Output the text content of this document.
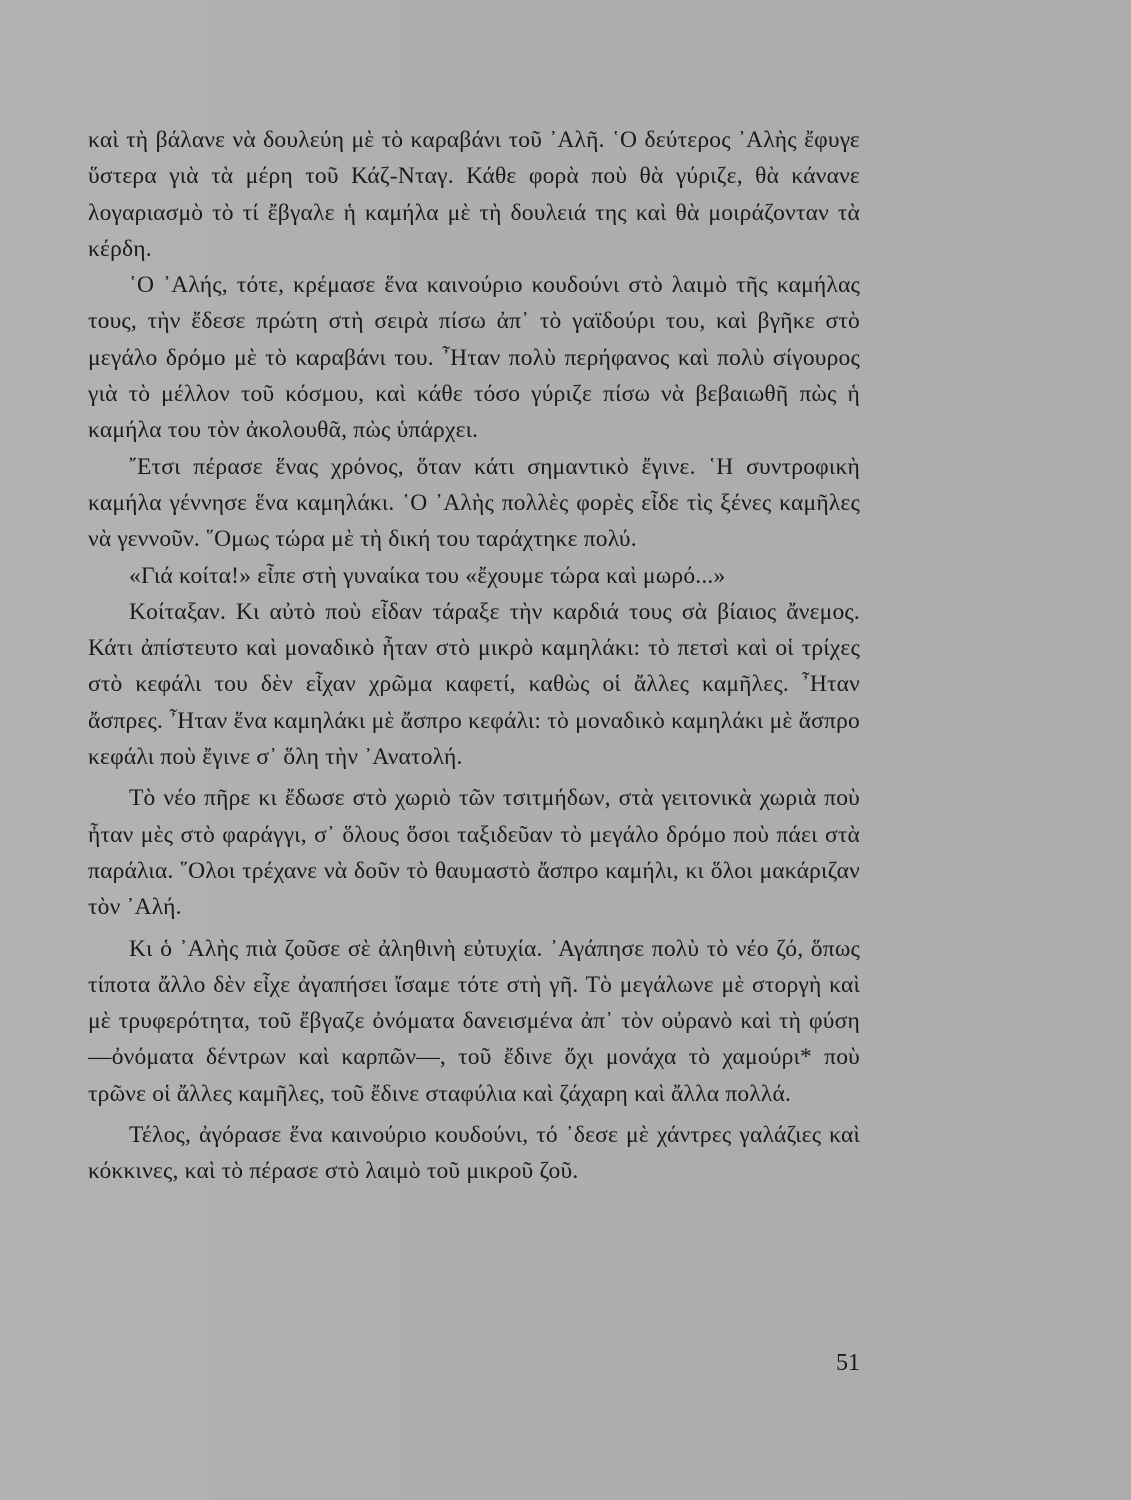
καὶ τὴ βάλανε νὰ δουλεύη μὲ τὸ καραβάνι τοῦ ᾿Αλῆ. ῾Ο δεύτερος ᾿Αλὴς ἔφυγε ὕστερα γιὰ τὰ μέρη τοῦ Κάζ-Νταγ. Κάθε φορὰ ποὺ θὰ γύριζε, θὰ κάνανε λογαριασμὸ τὸ τί ἔβγαλε ἡ καμήλα μὲ τὴ δουλειά της καὶ θὰ μοιράζονταν τὰ κέρδη.

῾Ο ᾿Αλής, τότε, κρέμασε ἕνα καινούριο κουδούνι στὸ λαιμὸ τῆς καμήλας τους, τὴν ἔδεσε πρώτη στὴ σειρὰ πίσω ἀπ᾿ τὸ γαϊδούρι του, καὶ βγῆκε στὸ μεγάλο δρόμο μὲ τὸ καραβάνι του. ῏Ηταν πολὺ περήφανος καὶ πολὺ σίγουρος γιὰ τὸ μέλλον τοῦ κόσμου, καὶ κάθε τόσο γύριζε πίσω νὰ βεβαιωθῆ πὼς ἡ καμήλα του τὸν ἀκολουθᾶ, πὼς ὑπάρχει.

῎Ετσι πέρασε ἕνας χρόνος, ὅταν κάτι σημαντικὸ ἔγινε. ῾Η συντροφικὴ καμήλα γέννησε ἕνα καμηλάκι. ῾Ο ᾿Αλὴς πολλὲς φορὲς εἶδε τὶς ξένες καμῆλες νὰ γεννοῦν. ῞Ομως τώρα μὲ τὴ δική του ταράχτηκε πολύ.

«Γιά κοίτα!» εἶπε στὴ γυναίκα του «ἔχουμε τώρα καὶ μωρό...»

Κοίταξαν. Κι αὐτὸ ποὺ εἶδαν τάραξε τὴν καρδιά τους σὰ βίαιος ἄνεμος. Κάτι ἀπίστευτο καὶ μοναδικὸ ἦταν στὸ μικρὸ καμηλάκι: τὸ πετσὶ καὶ οἱ τρίχες στὸ κεφάλι του δὲν εἶχαν χρῶμα καφετί, καθὼς οἱ ἄλλες καμῆλες. ῏Ηταν ἄσπρες. ῏Ηταν ἕνα καμηλάκι μὲ ἄσπρο κεφάλι: τὸ μοναδικὸ καμηλάκι μὲ ἄσπρο κεφάλι ποὺ ἔγινε σ᾿ ὅλη τὴν ᾿Ανατολή.

Τὸ νέο πῆρε κι ἔδωσε στὸ χωριὸ τῶν τσιτμήδων, στὰ γειτονικὰ χωριὰ ποὺ ἦταν μὲς στὸ φαράγγι, σ᾿ ὅλους ὅσοι ταξιδεῦαν τὸ μεγάλο δρόμο ποὺ πάει στὰ παράλια. ῞Ολοι τρέχανε νὰ δοῦν τὸ θαυμαστὸ ἄσπρο καμήλι, κι ὅλοι μακάριζαν τὸν ᾿Αλή.

Κι ὁ ᾿Αλὴς πιὰ ζοῦσε σὲ ἀληθινὴ εὐτυχία. ᾿Αγάπησε πολὺ τὸ νέο ζό, ὅπως τίποτα ἄλλο δὲν εἶχε ἀγαπήσει ἴσαμε τότε στὴ γῆ. Τὸ μεγάλωνε μὲ στοργὴ καὶ μὲ τρυφερότητα, τοῦ ἔβγαζε ὀνόματα δανεισμένα ἀπ᾿ τὸν οὐρανὸ καὶ τὴ φύση —ὀνόματα δέντρων καὶ καρπῶν—, τοῦ ἔδινε ὄχι μονάχα τὸ χαμούρι* ποὺ τρῶνε οἱ ἄλλες καμῆλες, τοῦ ἔδινε σταφύλια καὶ ζάχαρη καὶ ἄλλα πολλά.

Τέλος, ἀγόρασε ἕνα καινούριο κουδούνι, τό ᾿δεσε μὲ χάντρες γαλάζιες καὶ κόκκινες, καὶ τὸ πέρασε στὸ λαιμὸ τοῦ μικροῦ ζοῦ.

51
